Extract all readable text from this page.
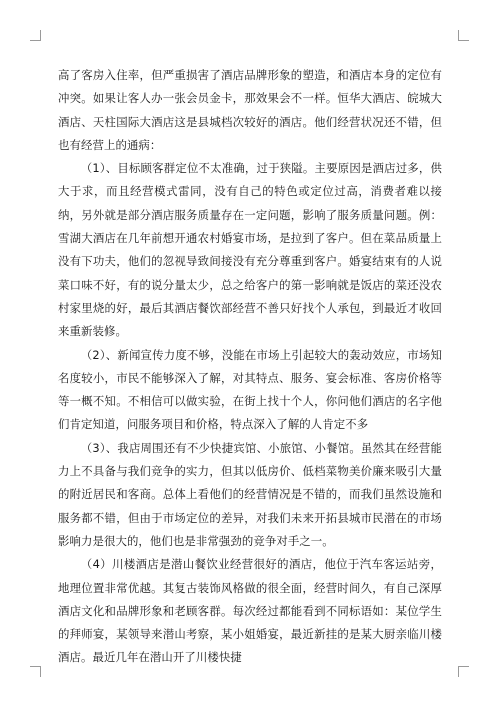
高了客房入住率，但严重损害了酒店品牌形象的塑造，和酒店本身的定位有冲突。如果让客人办一张会员金卡，那效果会不一样。恒华大酒店、皖城大酒店、天柱国际大酒店这是县城档次较好的酒店。他们经营状况还不错，但也有经营上的通病：

（1）、目标顾客群定位不太准确，过于狭隘。主要原因是酒店过多，供大于求，而且经营模式雷同，没有自己的特色或定位过高，消费者难以接纳，另外就是部分酒店服务质量存在一定问题，影响了服务质量问题。例：雪湖大酒店在几年前想开通农村婚宴市场，是拉到了客户。但在菜品质量上没有下功夫，他们的忽视导致间接没有充分尊重到客户。婚宴结束有的人说菜口味不好，有的说分量太少，总之给客户的第一影响就是饭店的菜还没农村家里烧的好，最后其酒店餐饮部经营不善只好找个人承包，到最近才收回来重新装修。

（2）、新闻宣传力度不够，没能在市场上引起较大的轰动效应，市场知名度较小，市民不能够深入了解，对其特点、服务、宴会标准、客房价格等等一概不知。不相信可以做实验，在街上找十个人，你问他们酒店的名字他们肯定知道，问服务项目和价格，特点深入了解的人肯定不多

（3）、我店周围还有不少快捷宾馆、小旅馆、小餐馆。虽然其在经营能力上不具备与我们竞争的实力，但其以低房价、低档菜物美价廉来吸引大量的附近居民和客商。总体上看他们的经营情况是不错的，而我们虽然设施和服务都不错，但由于市场定位的差异，对我们未来开拓县城市民潜在的市场影响力是很大的，他们也是非常强劲的竞争对手之一。

（4）川楼酒店是潜山餐饮业经营很好的酒店，他位于汽车客运站旁，地理位置非常优越。其复古装饰风格做的很全面，经营时间久，有自己深厚酒店文化和品牌形象和老顾客群。每次经过都能看到不同标语如：某位学生的拜师宴，某领导来潜山考察，某小姐婚宴，最近新挂的是某大厨亲临川楼酒店。最近几年在潜山开了川楼快捷
